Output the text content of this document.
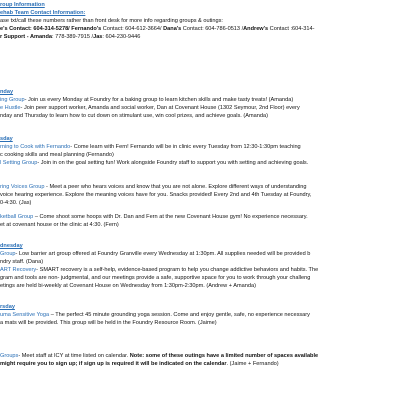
roup Information
ehab Team Contact Information:
ase txt/call these numbers rather than front desk for more info regarding groups & outings:
e's Contact: 604-314-5278/ Fernando's Contact: 604-612-3664/ Dana's Contact: 604-786-0513 /Andrew's Contact :604-314-
r Support - Amanda: 778-389-7915 /Jas: 604-230-9446
nday
ing Group- Join us every Monday at Foundry for a baking group to learn kitchen skills and make tasty treats! (Amanda)
e Hustle- Join peer support worker, Amanda and social worker, Dan at Covenant House (1302 Seymour, 2nd Floor) every
nday and Thursday to learn how to cut down on stimulant use, win cool prizes, and achieve goals. (Amanda)
sday
rning to Cook with Fernando- Come learn with Fern! Fernando will be in clinic every Tuesday from 12:30-1:30pm teaching
c cooking skills and meal planning (Fernando)
l Setting Group- Join in on the goal setting fun! Work alongside Foundry staff to support you with setting and achieving goals.
ring Voices Group - Meet a peer who hears voices and know that you are not alone. Explore different ways of understanding
voice hearing experience. Explore the meaning voices have for you. Snacks provided! Every 2nd and 4th Tuesday at Foundry,
0-4:30. (Jas)
ketball Group – Come shoot some hoops with Dr. Dan and Fern at the new Covenant House gym! No experience necessary.
et at covenant house or the clinic at 4:30. (Fern)
dnesday
Group- Low barrier art group offered at Foundry Granville every Wednesday at 1:30pm. All supplies needed will be provided b
ndry staff. (Dana)
ART Recovery- SMART recovery is a self-help, evidence-based program to help you change addictive behaviors and habits. The
gram and tools are non- judgmental, and our meetings provide a safe, supportive space for you to work through your challeng
etings are held bi-weekly at Covenant House on Wednesday from 1:30pm-2:30pm. (Andrew + Amanda)
rsday
uma Sensitive Yoga – The perfect 45 minute grounding yoga session. Come and enjoy gentle, safe, no experience necessary
a mats will be provided. This group will be held in the Foundry Resource Room. (Jaime)
Groups- Meet staff at ICY at time listed on calendar. Note: some of these outings have a limited number of spaces available
might require you to sign up; if sign up is required it will be indicated on the calendar. (Jaime + Fernando)
